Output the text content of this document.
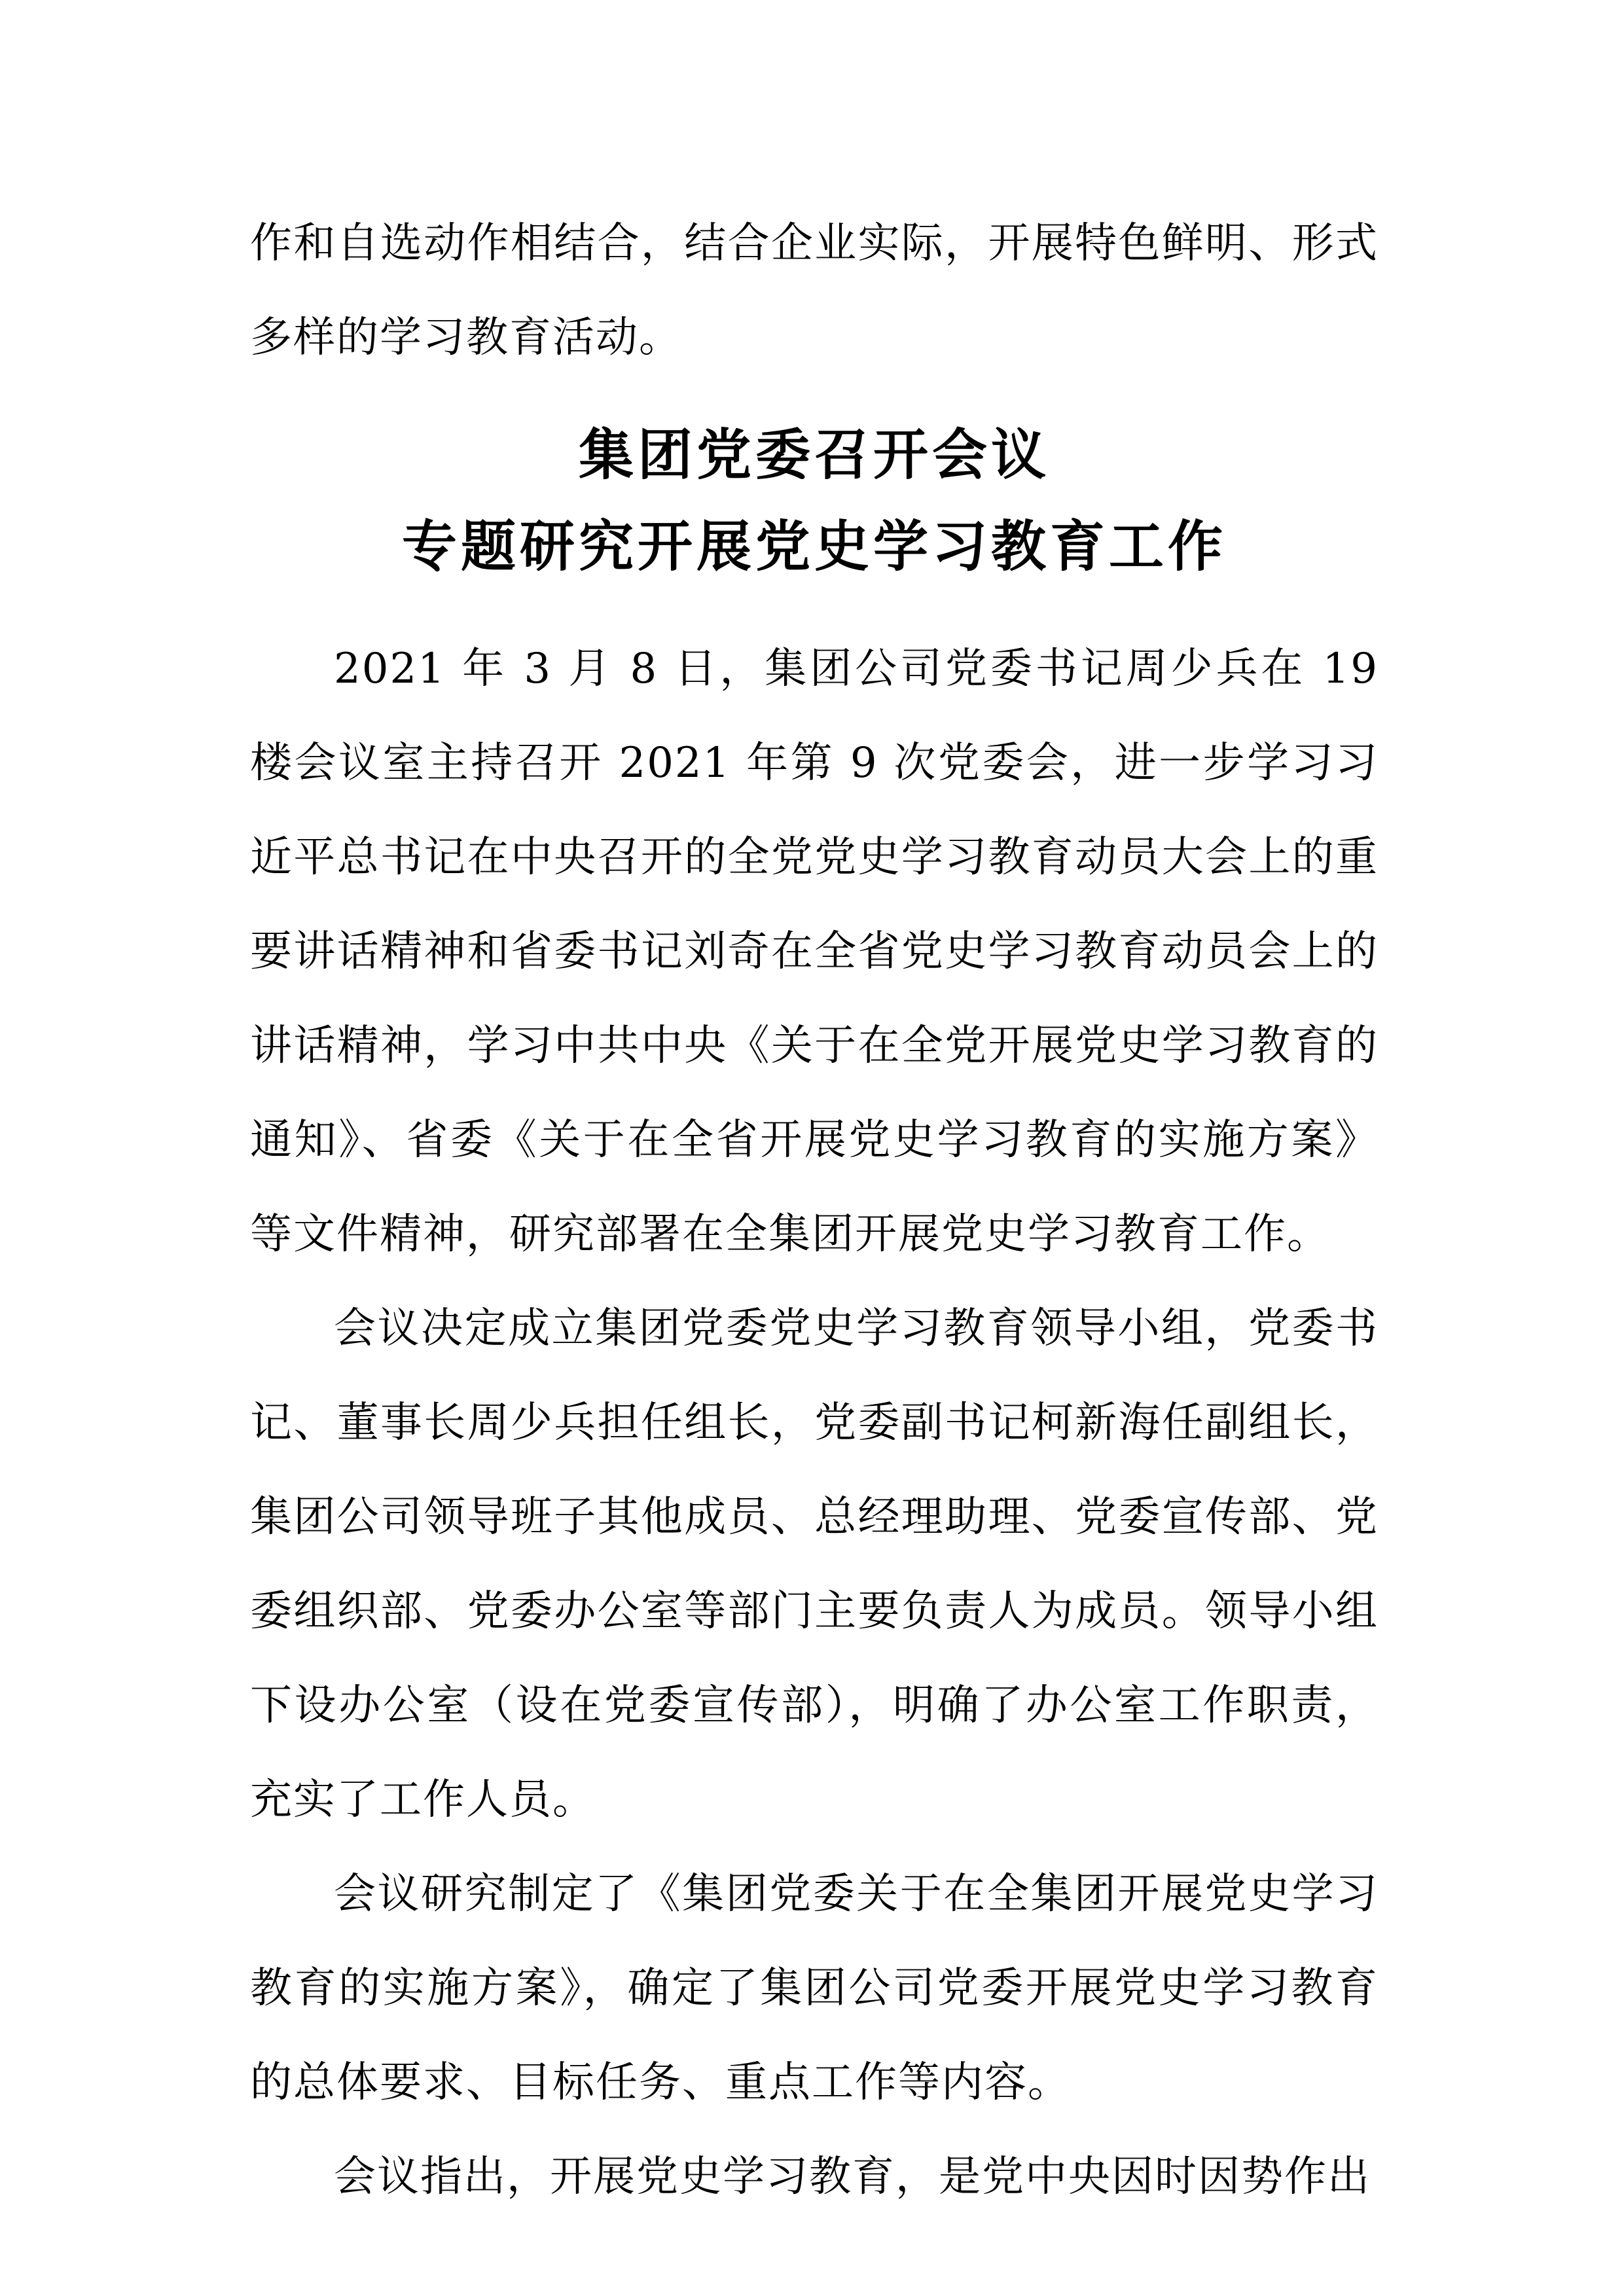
作和自选动作相结合，结合企业实际，开展特色鲜明、形式多样的学习教育活动。

集团党委召开会议
专题研究开展党史学习教育工作

2021 年 3 月 8 日，集团公司党委书记周少兵在 19 楼会议室主持召开 2021 年第 9 次党委会，进一步学习习近平总书记在中央召开的全党党史学习教育动员大会上的重要讲话精神和省委书记刘奇在全省党史学习教育动员会上的讲话精神，学习中共中央《关于在全党开展党史学习教育的通知》、省委《关于在全省开展党史学习教育的实施方案》等文件精神，研究部署在全集团开展党史学习教育工作。

会议决定成立集团党委党史学习教育领导小组，党委书记、董事长周少兵担任组长，党委副书记柯新海任副组长，集团公司领导班子其他成员、总经理助理、党委宣传部、党委组织部、党委办公室等部门主要负责人为成员。领导小组下设办公室（设在党委宣传部），明确了办公室工作职责，充实了工作人员。

会议研究制定了《集团党委关于在全集团开展党史学习教育的实施方案》，确定了集团公司党委开展党史学习教育的总体要求、目标任务、重点工作等内容。

会议指出，开展党史学习教育，是党中央因时因势作出
